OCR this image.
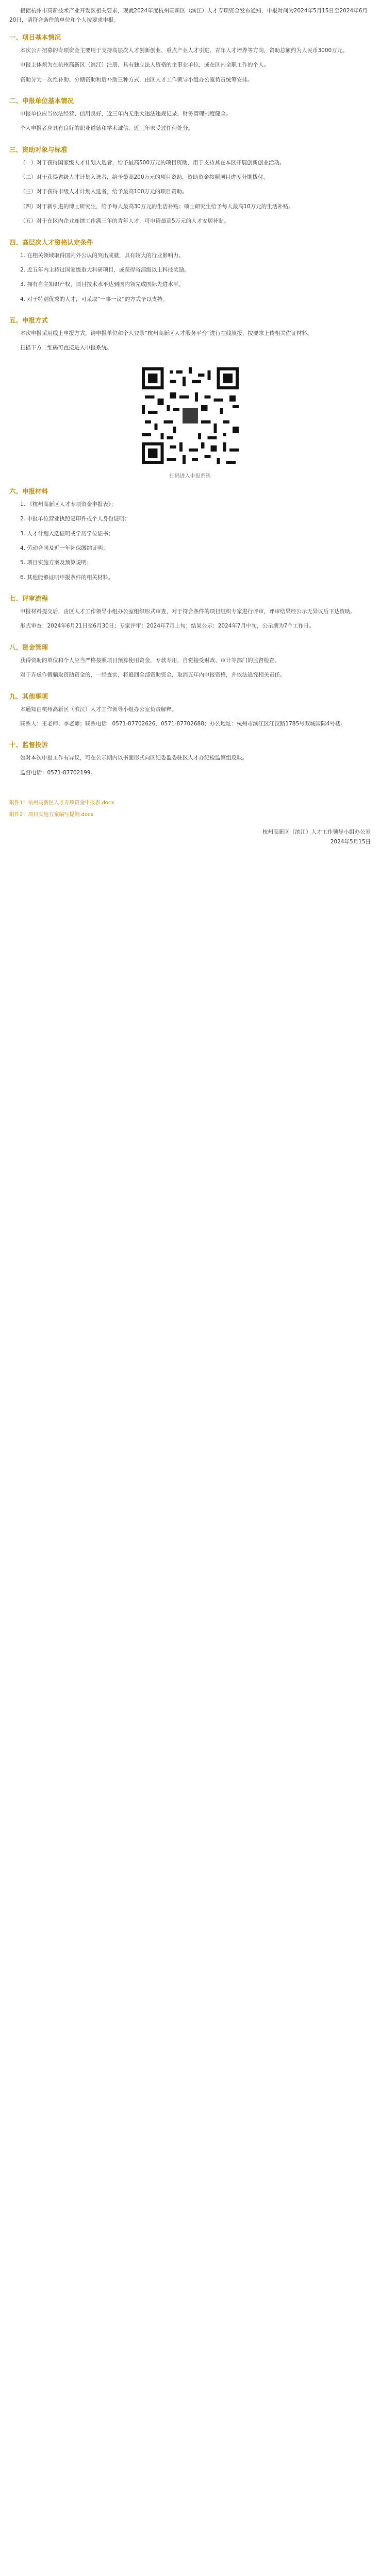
根据杭州市高新技术产业开发区相关要求，现就2024年度杭州高新区（滨江）人才专项资金发布通知，申报时间为2024年5月15日至2024年6月20日，请符合条件的单位和个人按要求申报。

一、项目基本情况

本次公开招募的专项资金主要用于支持高层次人才创新创业、重点产业人才引进、青年人才培养等方向，资助总额约为人民币3000万元。

申报主体须为在杭州高新区（滨江）注册、具有独立法人资格的企事业单位，或在区内全职工作的个人。

资助分为一次性补助、分期资助和后补助三种方式，由区人才工作领导小组办公室负责统筹安排。

二、申报单位基本情况

申报单位应当依法经营、信用良好，近三年内无重大违法违规记录，财务管理制度健全。

个人申报者应具有良好的职业道德和学术诚信，近三年未受过任何处分。

三、资助对象与标准

（一）对于获得国家级人才计划入选者，给予最高500万元的项目资助，用于支持其在本区开展创新创业活动。

（二）对于获得省级人才计划入选者，给予最高200万元的项目资助，资助资金按照项目进度分期拨付。

（三）对于获得市级人才计划入选者，给予最高100万元的项目资助。

（四）对于新引进的博士研究生，给予每人最高30万元的生活补贴；硕士研究生给予每人最高10万元的生活补贴。

（五）对于在区内企业连续工作满三年的青年人才，可申请最高5万元的人才安居补贴。

四、高层次人才资格认定条件

1. 在相关领域取得国内外公认的突出成就，具有较大的行业影响力。

2. 近五年内主持过国家级重大科研项目，或获得省部级以上科技奖励。

3. 拥有自主知识产权，项目技术水平达到国内领先或国际先进水平。

4. 对于特别优秀的人才，可采取“一事一议”的方式予以支持。

五、申报方式

本次申报采用线上申报方式，请申报单位和个人登录“杭州高新区人才服务平台”进行在线填报，按要求上传相关佐证材料。

扫描下方二维码可直接进入申报系统。

扫码进入申报系统
六、申报材料

1. 《杭州高新区人才专项资金申报表》；

2. 申报单位营业执照复印件或个人身份证明；

3. 人才计划入选证明或学历学位证书；

4. 劳动合同及近一年社保缴纳证明；

5. 项目实施方案及预算说明；

6. 其他能够证明申报条件的相关材料。

七、评审流程

申报材料提交后，由区人才工作领导小组办公室组织形式审查，对于符合条件的项目组织专家进行评审，评审结果经公示无异议后下达资助。

形式审查：2024年6月21日至6月30日；专家评审：2024年7月上旬；结果公示：2024年7月中旬，公示期为7个工作日。

八、资金管理

获得资助的单位和个人应当严格按照项目预算使用资金，专款专用，自觉接受财政、审计等部门的监督检查。

对于弄虚作假骗取资助资金的，一经查实，将追回全部资助资金，取消五年内申报资格，并依法追究相关责任。

九、其他事项

本通知由杭州高新区（滨江）人才工作领导小组办公室负责解释。

联系人：王老师、李老师；联系电话：0571-87702626、0571-87702688；办公地址：杭州市滨江区江汉路1785号双城国际4号楼。

十、监督投诉

如对本次申报工作有异议，可在公示期内以书面形式向区纪委监委驻区人才办纪检监察组反映。

监督电话：0571-87702199。

附件1：杭州高新区人才专项资金申报表.docx

附件2：项目实施方案编写提纲.docx

杭州高新区（滨江）人才工作领导小组办公室

2024年5月15日
